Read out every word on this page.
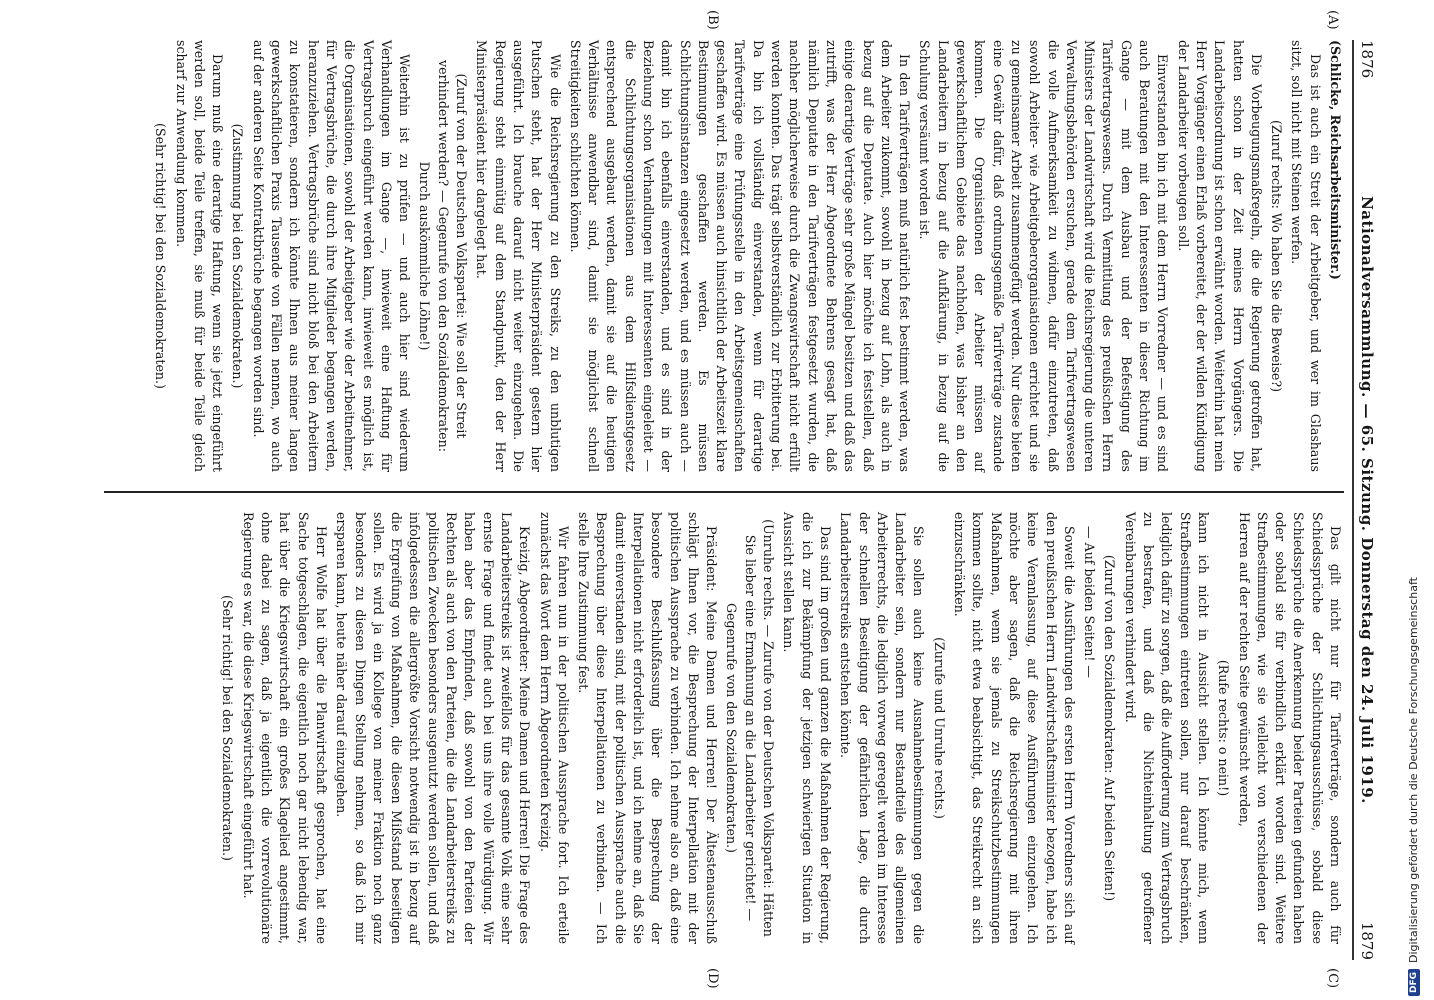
1876
Nationalversammlung. — 65. Sitzung. Donnerstag den 24. Juli 1919.
1879
(A)
(B)
(C)
(D)

(Schlicke, Reichsarbeitsminister.)

Das ist auch ein Streit der Arbeitgeber, und wer im Glashaus sitzt, soll nicht mit Steinen werfen.

(Zuruf rechts: Wo haben Sie die Beweise?)

Die Vorbeugungsmaßregeln, die die Regierung getroffen hat, hatten schon in der Zeit meines Herrn Vorgängers. Die Landarbeitsordnung ist schon erwähnt worden. Weiterhin hat mein Herr Vorgänger einen Erlaß vorbereitet, der der wilden Kündigung der Landarbeiter vorbeugen soll.

Einverstanden bin ich mit dem Herrn Vorredner — und es sind auch Beratungen mit den Interessenten in dieser Richtung im Gange — mit dem Ausbau und der Befestigung des Tarifvertragswesens. Durch Vermittlung des preußischen Herrn Ministers der Landwirtschaft wird die Reichsregierung die unteren Verwaltungsbehörden ersuchen, gerade dem Tarifvertragswesen die volle Aufmerksamkeit zu widmen, dafür einzutreten, daß sowohl Arbeiter- wie Arbeitgeberorganisationen errichtet und sie zu gemeinsamer Arbeit zusammengefügt werden. Nur diese bieten eine Gewähr dafür, daß ordnungsgemäße Tarifverträge zustande kommen. Die Organisationen der Arbeiter müssen auf gewerkschaftlichem Gebiete das nachholen, was bisher an den Landarbeitern in bezug auf die Aufklärung, in bezug auf die Schulung versäumt worden ist.

In den Tarifverträgen muß natürlich fest bestimmt werden, was dem Arbeiter zukommt, sowohl in bezug auf Lohn, als auch in bezug auf die Deputate. Auch hier möchte ich feststellen, daß einige derartige Verträge sehr große Mängel besitzen und daß das zutrifft, was der Herr Abgeordnete Behrens gesagt hat, daß nämlich Deputate in den Tarifverträgen festgesetzt wurden, die nachher möglicherweise durch die Zwangswirtschaft nicht erfüllt werden konnten. Das trägt selbstverständlich zur Erbitterung bei. Da bin ich vollständig einverstanden, wenn für derartige Tarifverträge eine Prüfungsstelle in den Arbeitsgemeinschaften geschaffen wird. Es müssen auch hinsichtlich der Arbeitszeit klare Bestimmungen geschaffen werden. Es müssen Schlichtungsinstanzen eingesetzt werden, und es müssen auch — damit bin ich ebenfalls einverstanden, und es sind in der Beziehung schon Verhandlungen mit Interessenten eingeleitet — die Schlichtungsorganisationen aus dem Hilfsdienstgesetz entsprechend ausgebaut werden, damit sie auf die heutigen Verhältnisse anwendbar sind, damit sie möglichst schnell Streitigkeiten schlichten können.

Wie die Reichsregierung zu den Streiks, zu den unblutigen Putschen steht, hat der Herr Ministerpräsident gestern hier ausgeführt. Ich brauche darauf nicht weiter einzugehen. Die Regierung steht einmütig auf dem Standpunkt, den der Herr Ministerpräsident hier dargelegt hat.

(Zuruf von der Deutschen Volkspartei: Wie soll der Streit verhindert werden? — Gegenrufe von den Sozialdemokraten: Durch auskömmliche Löhne!)

Weiterhin ist zu prüfen — und auch hier sind wiederum Verhandlungen im Gange —, inwieweit eine Haftung für Vertragsbruch eingeführt werden kann, inwieweit es möglich ist, die Organisationen, sowohl der Arbeitgeber wie der Arbeitnehmer, für Vertragsbrüche, die durch ihre Mitglieder begangen werden, heranzuziehen. Vertragsbrüche sind nicht bloß bei den Arbeitern zu konstatieren, sondern ich könnte Ihnen aus meiner langen gewerkschaftlichen Praxis Tausende von Fällen nennen, wo auch auf der anderen Seite Kontraktbrüche begangen worden sind.

(Zustimmung bei den Sozialdemokraten.)

Darum muß eine derartige Haftung, wenn sie jetzt eingeführt werden soll, beide Teile treffen, sie muß für beide Teile gleich scharf zur Anwendung kommen.

(Sehr richtig! bei den Sozialdemokraten.)

Das gilt nicht nur für Tarifverträge, sondern auch für Schiedssprüche der Schlichtungsausschüsse, sobald diese Schiedssprüche die Anerkennung beider Parteien gefunden haben oder sobald sie für verbindlich erklärt worden sind. Weitere Strafbestimmungen, wie sie vielleicht von verschiedenen der Herren auf der rechten Seite gewünscht werden,

(Rufe rechts: o nein!)

kann ich nicht in Aussicht stellen. Ich könnte mich, wenn Strafbestimmungen eintreten sollen, nur darauf beschränken, lediglich dafür zu sorgen, daß die Aufforderung zum Vertragsbruch zu bestrafen, und daß die Nichteinhaltung getroffener Vereinbarungen verhindert wird.

(Zuruf von den Sozialdemokraten: Auf beiden Seiten!)

— Auf beiden Seiten! —

Soweit die Ausführungen des ersten Herrn Vorredners sich auf den preußischen Herrn Landwirtschaftsminister bezogen, habe ich keine Veranlassung, auf diese Ausführungen einzugehen. Ich möchte aber sagen, daß die Reichsregierung mit ihren Maßnahmen, wenn sie jemals zu Streikschutzbestimmungen kommen sollte, nicht etwa beabsichtigt, das Streikrecht an sich einzuschränken.

(Zurufe und Unruhe rechts.)

Sie sollen auch keine Ausnahmebestimmungen gegen die Landarbeiter sein, sondern nur Bestandteile des allgemeinen Arbeiterrechts, die lediglich vorweg geregelt werden im Interesse der schnellen Beseitigung der gefährlichen Lage, die durch Landarbeiterstreiks entstehen könnte.

Das sind im großen und ganzen die Maßnahmen der Regierung, die ich zur Bekämpfung der jetzigen schwierigen Situation in Aussicht stellen kann.

(Unruhe rechts. — Zurufe von der Deutschen Volkspartei: Hätten Sie lieber eine Ermahnung an die Landarbeiter gerichtet! — Gegenrufe von den Sozialdemokraten.)

Präsident: Meine Damen und Herren! Der Ältestenausschuß schlägt Ihnen vor, die Besprechung der Interpellation mit der politischen Aussprache zu verbinden. Ich nehme also an, daß eine besondere Beschlußfassung über die Besprechung der Interpellationen nicht erforderlich ist, und ich nehme an, daß Sie damit einverstanden sind, mit der politischen Aussprache auch die Besprechung über diese Interpellationen zu verbinden. — Ich stelle Ihre Zustimmung fest.

Wir fahren nun in der politischen Aussprache fort. Ich erteile zunächst das Wort dem Herrn Abgeordneten Kreizig.

Kreizig, Abgeordneter: Meine Damen und Herren! Die Frage des Landarbeiterstreiks ist zweifellos für das gesamte Volk eine sehr ernste Frage und findet auch bei uns ihre volle Würdigung. Wir haben aber das Empfinden, daß sowohl von den Parteien der Rechten als auch von den Parteien, die die Landarbeiterstreiks zu politischen Zwecken besonders ausgenutzt werden sollen, und daß infolgedessen die allergrößte Vorsicht notwendig ist in bezug auf die Ergreifung von Maßnahmen, die diesen Mißstand beseitigen sollen. Es wird ja ein Kollege von meiner Fraktion noch ganz besonders zu diesen Dingen Stellung nehmen, so daß ich mir ersparen kann, heute näher darauf einzugehen.

Herr Wolfe hat über die Planwirtschaft gesprochen, hat eine Sache totgeschlagen, die eigentlich noch gar nicht lebendig war, hat über die Kriegswirtschaft ein großes Klagelied angestimmt, ohne dabei zu sagen, daß ja eigentlich die vorrevolutionäre Regierung es war, die diese Kriegswirtschaft eingeführt hat.

(Sehr richtig! bei den Sozialdemokraten.)

DFG
Digitalisierung gefördert durch die Deutsche Forschungsgemeinschaft
